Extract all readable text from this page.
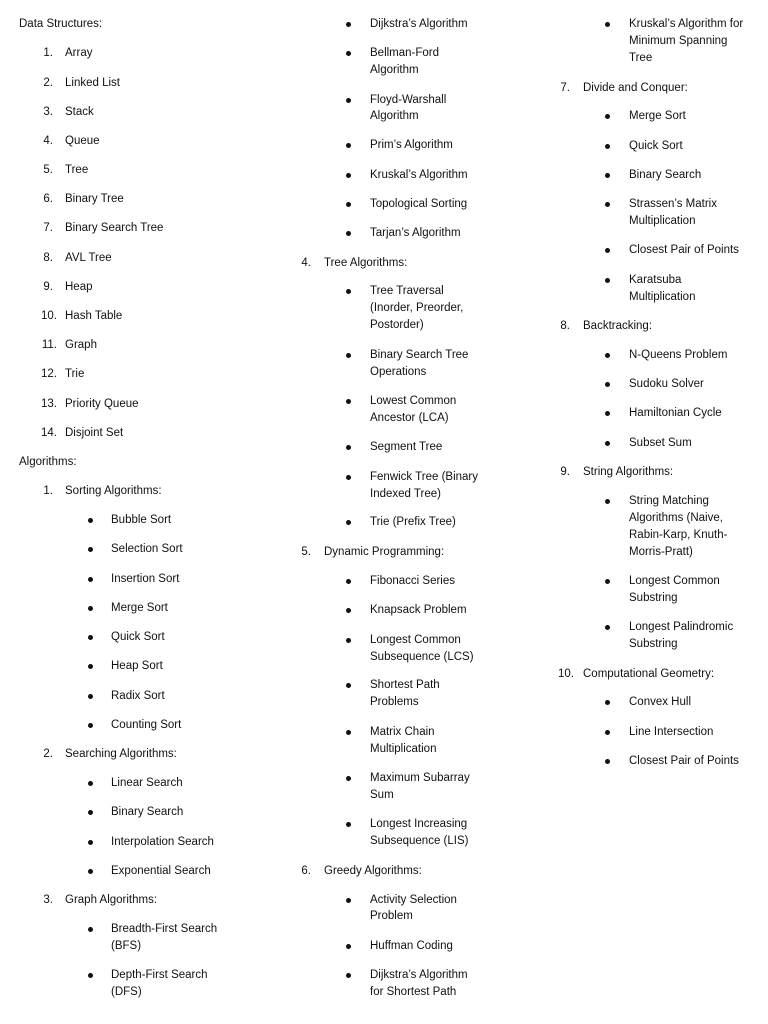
Data Structures:
1. Array
2. Linked List
3. Stack
4. Queue
5. Tree
6. Binary Tree
7. Binary Search Tree
8. AVL Tree
9. Heap
10. Hash Table
11. Graph
12. Trie
13. Priority Queue
14. Disjoint Set
Algorithms:
1. Sorting Algorithms:
Bubble Sort
Selection Sort
Insertion Sort
Merge Sort
Quick Sort
Heap Sort
Radix Sort
Counting Sort
2. Searching Algorithms:
Linear Search
Binary Search
Interpolation Search
Exponential Search
3. Graph Algorithms:
Breadth-First Search
(BFS)
Depth-First Search
(DFS)
Dijkstra’s Algorithm
Bellman-Ford
Algorithm
Floyd-Warshall
Algorithm
Prim’s Algorithm
Kruskal’s Algorithm
Topological Sorting
Tarjan’s Algorithm
4. Tree Algorithms:
Tree Traversal
(Inorder, Preorder,
Postorder)
Binary Search Tree
Operations
Lowest Common
Ancestor (LCA)
Segment Tree
Fenwick Tree (Binary
Indexed Tree)
Trie (Prefix Tree)
5. Dynamic Programming:
Fibonacci Series
Knapsack Problem
Longest Common
Subsequence (LCS)
Shortest Path
Problems
Matrix Chain
Multiplication
Maximum Subarray
Sum
Longest Increasing
Subsequence (LIS)
6. Greedy Algorithms:
Activity Selection
Problem
Huffman Coding
Dijkstra’s Algorithm
for Shortest Path
Kruskal’s Algorithm for
Minimum Spanning
Tree
7. Divide and Conquer:
Merge Sort
Quick Sort
Binary Search
Strassen’s Matrix
Multiplication
Closest Pair of Points
Karatsuba
Multiplication
8. Backtracking:
N-Queens Problem
Sudoku Solver
Hamiltonian Cycle
Subset Sum
9. String Algorithms:
String Matching
Algorithms (Naive,
Rabin-Karp, Knuth-
Morris-Pratt)
Longest Common
Substring
Longest Palindromic
Substring
10. Computational Geometry:
Convex Hull
Line Intersection
Closest Pair of Points
